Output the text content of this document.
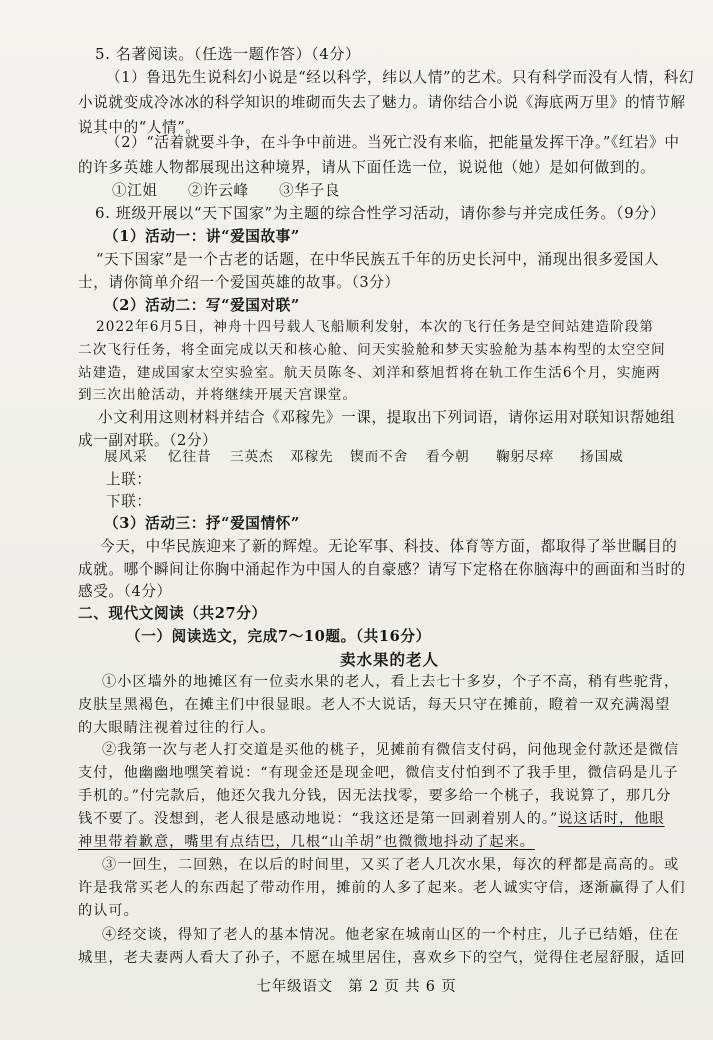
5. 名著阅读。（任选一题作答）（4分）
（1）鲁迅先生说科幻小说是“经以科学，纬以人情”的艺术。只有科学而没有人情，科幻
小说就变成冷冰冰的科学知识的堆砌而失去了魅力。请你结合小说《海底两万里》的情节解
说其中的“人情”。
（2）“活着就要斗争，在斗争中前进。当死亡没有来临，把能量发挥干净。”《红岩》中
的许多英雄人物都展现出这种境界，请从下面任选一位，说说他（她）是如何做到的。
①江姐　　②许云峰　　③华子良
6. 班级开展以“天下国家”为主题的综合性学习活动，请你参与并完成任务。（9分）
（1）活动一：讲“爱国故事”
“天下国家”是一个古老的话题，在中华民族五千年的历史长河中，涌现出很多爱国人
士，请你简单介绍一个爱国英雄的故事。（3分）
（2）活动二：写“爱国对联”
2022年6月5日，神舟十四号载人飞船顺利发射，本次的飞行任务是空间站建造阶段第
二次飞行任务，将全面完成以天和核心舱、问天实验舱和梦天实验舱为基本构型的太空空间
站建造，建成国家太空实验室。航天员陈冬、刘洋和蔡旭哲将在轨工作生活6个月，实施两
到三次出舱活动，并将继续开展天宫课堂。
小文利用这则材料并结合《邓稼先》一课，提取出下列词语，请你运用对联知识帮她组
成一副对联。（2分）
展风采 忆往昔 三英杰 邓稼先 锲而不舍 看今朝 鞠躬尽瘁 扬国威
上联：
下联：
（3）活动三：抒“爱国情怀”
今天，中华民族迎来了新的辉煌。无论军事、科技、体育等方面，都取得了举世瞩目的
成就。哪个瞬间让你胸中涌起作为中国人的自豪感？请写下定格在你脑海中的画面和当时的
感受。（4分）
二、现代文阅读（共27分）
（一）阅读选文，完成7～10题。（共16分）
卖水果的老人
①小区墙外的地摊区有一位卖水果的老人，看上去七十多岁，个子不高，稍有些驼背，
皮肤呈黑褐色，在摊主们中很显眼。老人不大说话，每天只守在摊前，瞪着一双充满渴望
的大眼睛注视着过往的行人。
②我第一次与老人打交道是买他的桃子，见摊前有微信支付码，问他现金付款还是微信
支付，他幽幽地嘿笑着说：“有现金还是现金吧，微信支付怕到不了我手里，微信码是儿子
手机的。”付完款后，他还欠我九分钱，因无法找零，要多给一个桃子，我说算了，那几分
钱不要了。没想到，老人很是感动地说：“我这还是第一回剥着别人的。”说这话时，他眼
神里带着歉意，嘴里有点结巴，几根“山羊胡”也微微地抖动了起来。
③一回生，二回熟，在以后的时间里，又买了老人几次水果，每次的秤都是高高的。或
许是我常买老人的东西起了带动作用，摊前的人多了起来。老人诚实守信，逐渐赢得了人们
的认可。
④经交谈，得知了老人的基本情况。他老家在城南山区的一个村庄，儿子已结婚，住在
城里，老夫妻两人看大了孙子，不愿在城里居住，喜欢乡下的空气，觉得住老屋舒服，适回
七年级语文　第 2 页 共 6 页
